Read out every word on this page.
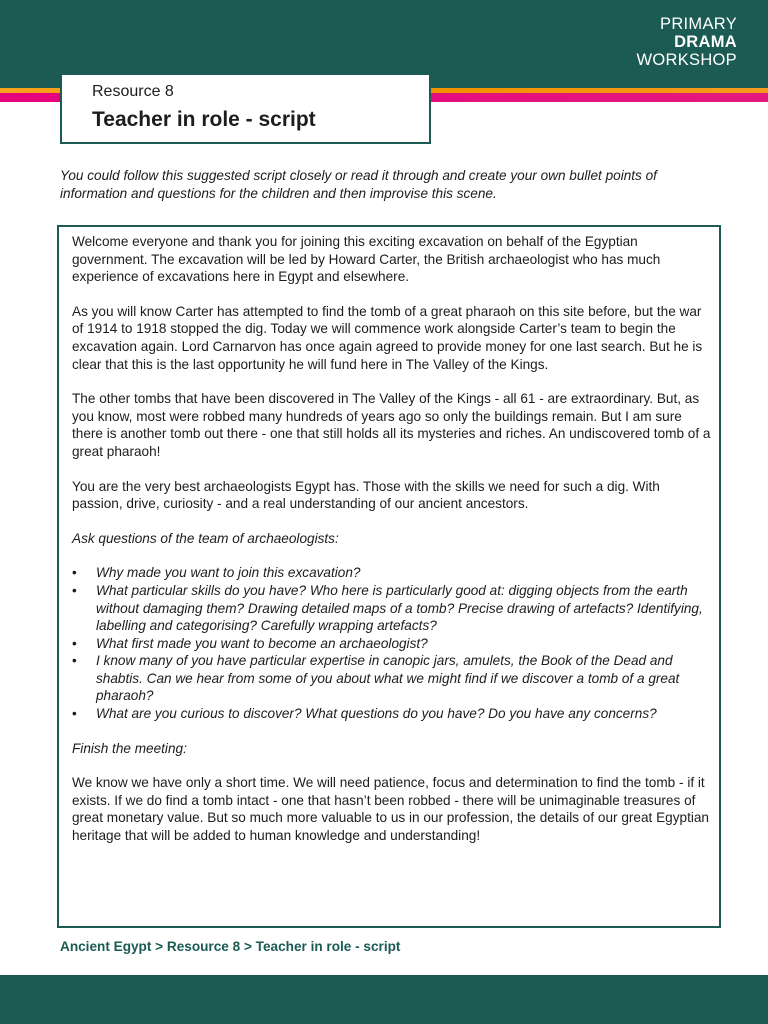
PRIMARY
DRAMA
WORKSHOP
Resource 8
Teacher in role - script

You could follow this suggested script closely or read it through and create your own bullet points of information and questions for the children and then improvise this scene.

Welcome everyone and thank you for joining this exciting excavation on behalf of the Egyptian government. The excavation will be led by Howard Carter, the British archaeologist who has much experience of excavations here in Egypt and elsewhere.

As you will know Carter has attempted to find the tomb of a great pharaoh on this site before, but the war of 1914 to 1918 stopped the dig. Today we will commence work alongside Carter’s team to begin the excavation again. Lord Carnarvon has once again agreed to provide money for one last search. But he is clear that this is the last opportunity he will fund here in The Valley of the Kings.

The other tombs that have been discovered in The Valley of the Kings - all 61 - are extraordinary. But, as you know, most were robbed many hundreds of years ago so only the buildings remain. But I am sure there is another tomb out there - one that still holds all its mysteries and riches. An undiscovered tomb of a great pharaoh!

You are the very best archaeologists Egypt has. Those with the skills we need for such a dig. With passion, drive, curiosity - and a real understanding of our ancient ancestors.

Ask questions of the team of archaeologists:

• Why made you want to join this excavation?
• What particular skills do you have? Who here is particularly good at: digging objects from the earth without damaging them? Drawing detailed maps of a tomb? Precise drawing of artefacts? Identifying, labelling and categorising? Carefully wrapping artefacts?
• What first made you want to become an archaeologist?
• I know many of you have particular expertise in canopic jars, amulets, the Book of the Dead and shabtis. Can we hear from some of you about what we might find if we discover a tomb of a great pharaoh?
• What are you curious to discover? What questions do you have? Do you have any concerns?

Finish the meeting:

We know we have only a short time. We will need patience, focus and determination to find the tomb - if it exists. If we do find a tomb intact - one that hasn’t been robbed - there will be unimaginable treasures of great monetary value. But so much more valuable to us in our profession, the details of our great Egyptian heritage that will be added to human knowledge and understanding!

Ancient Egypt > Resource 8 > Teacher in role - script
